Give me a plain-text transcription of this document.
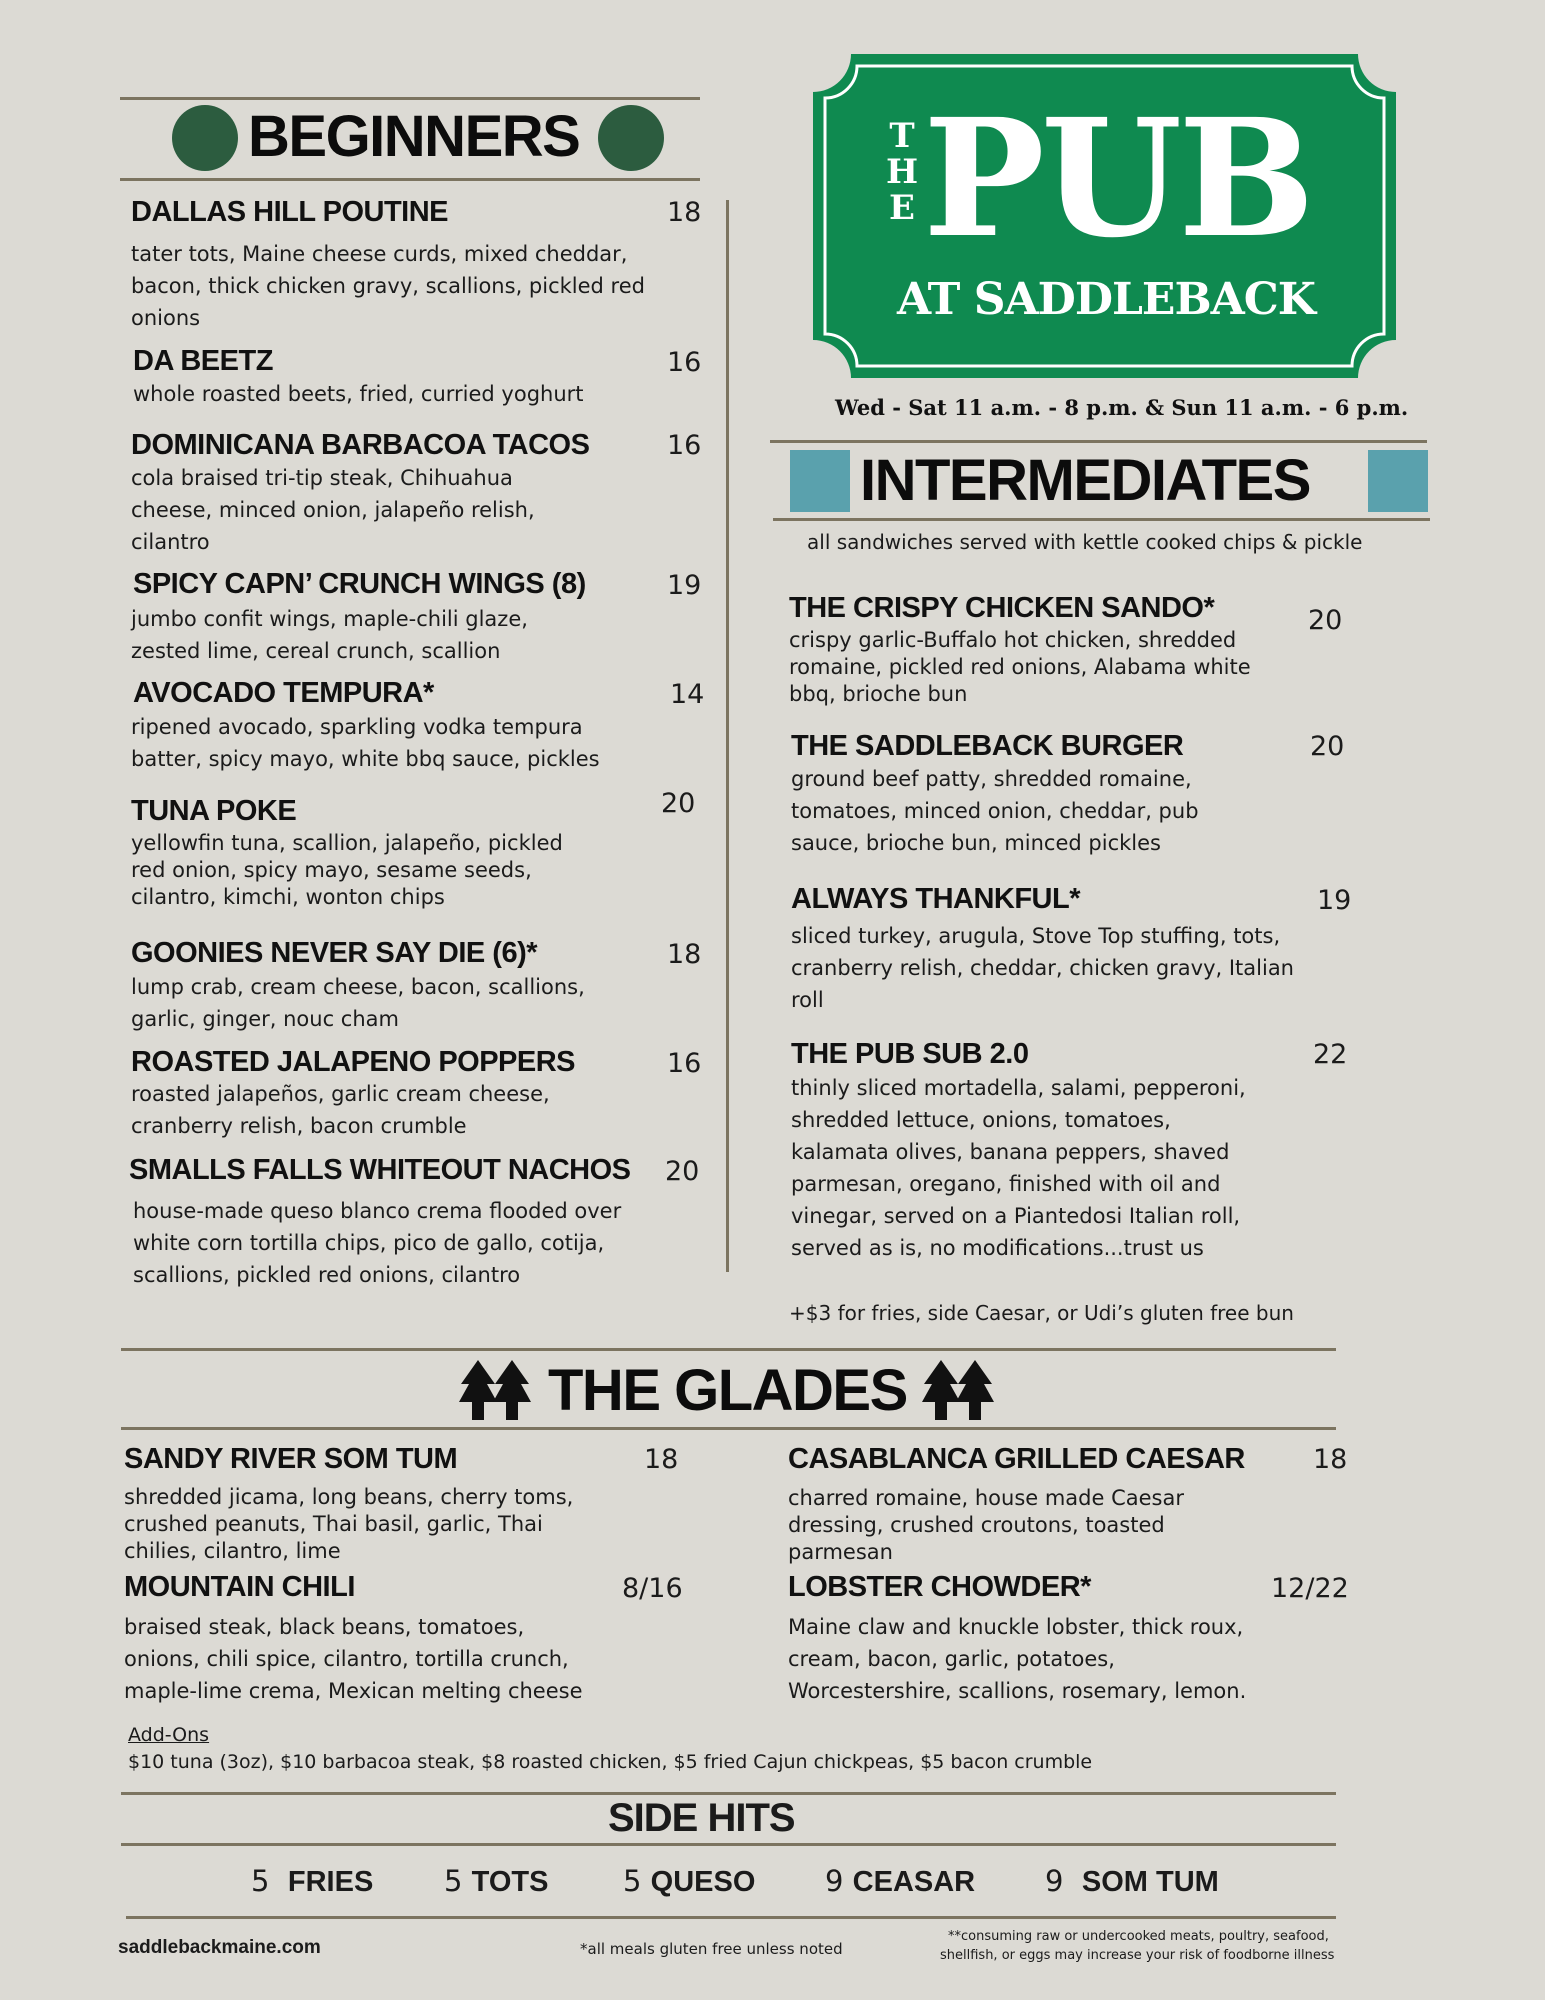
BEGINNERS
DALLAS HILL POUTINE	18
tater tots, Maine cheese curds, mixed cheddar, bacon, thick chicken gravy, scallions, pickled red onions
DA BEETZ	16
whole roasted beets, fried, curried yoghurt
DOMINICANA BARBACOA TACOS	16
cola braised tri-tip steak, Chihuahua cheese, minced onion, jalapeño relish, cilantro
SPICY CAPN’ CRUNCH WINGS (8)	19
jumbo confit wings, maple-chili glaze, zested lime, cereal crunch, scallion
AVOCADO TEMPURA*	14
ripened avocado, sparkling vodka tempura batter, spicy mayo, white bbq sauce, pickles
TUNA POKE	20
yellowfin tuna, scallion, jalapeño, pickled red onion, spicy mayo, sesame seeds, cilantro, kimchi, wonton chips
GOONIES NEVER SAY DIE (6)*	18
lump crab, cream cheese, bacon, scallions, garlic, ginger, nouc cham
ROASTED JALAPENO POPPERS	16
roasted jalapeños, garlic cream cheese, cranberry relish, bacon crumble
SMALLS FALLS WHITEOUT NACHOS 20
house-made queso blanco crema flooded over white corn tortilla chips, pico de gallo, cotija, scallions, pickled red onions, cilantro
THE PUB
AT SADDLEBACK
Wed - Sat 11 a.m. - 8 p.m. & Sun 11 a.m. - 6 p.m.
INTERMEDIATES
all sandwiches served with kettle cooked chips & pickle
THE CRISPY CHICKEN SANDO*	20
crispy garlic-Buffalo hot chicken, shredded romaine, pickled red onions, Alabama white bbq, brioche bun
THE SADDLEBACK BURGER	20
ground beef patty, shredded romaine, tomatoes, minced onion, cheddar, pub sauce, brioche bun, minced pickles
ALWAYS THANKFUL*	19
sliced turkey, arugula, Stove Top stuffing, tots, cranberry relish, cheddar, chicken gravy, Italian roll
THE PUB SUB 2.0	22
thinly sliced mortadella, salami, pepperoni, shredded lettuce, onions, tomatoes, kalamata olives, banana peppers, shaved parmesan, oregano, finished with oil and vinegar, served on a Piantedosi Italian roll, served as is, no modifications...trust us
+$3 for fries, side Caesar, or Udi’s gluten free bun
THE GLADES
SANDY RIVER SOM TUM	18
shredded jicama, long beans, cherry toms, crushed peanuts, Thai basil, garlic, Thai chilies, cilantro, lime
CASABLANCA GRILLED CAESAR	18
charred romaine, house made Caesar dressing, crushed croutons, toasted parmesan
MOUNTAIN CHILI	8/16
braised steak, black beans, tomatoes, onions, chili spice, cilantro, tortilla crunch, maple-lime crema, Mexican melting cheese
LOBSTER CHOWDER*	12/22
Maine claw and knuckle lobster, thick roux, cream, bacon, garlic, potatoes, Worcestershire, scallions, rosemary, lemon.
Add-Ons
$10 tuna (3oz), $10 barbacoa steak, $8 roasted chicken, $5 fried Cajun chickpeas, $5 bacon crumble
SIDE HITS
5 FRIES 5 TOTS	5 QUESO 9 CEASAR 9 SOM TUM
saddlebackmaine.com	*all meals gluten free unless noted
**consuming raw or undercooked meats, poultry, seafood,
shellfish, or eggs may increase your risk of foodborne illness
